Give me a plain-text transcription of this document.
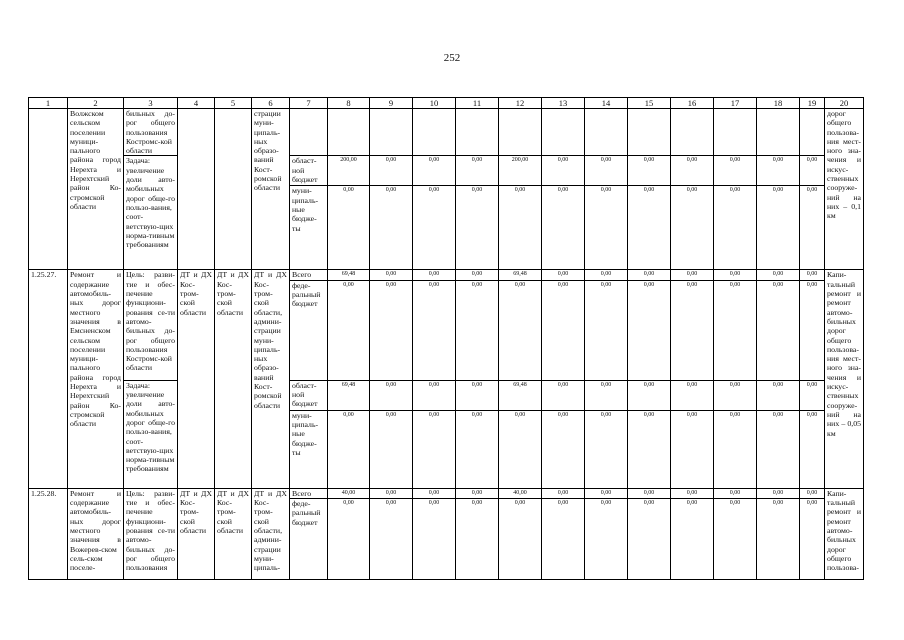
252
1	2	3	4	5	6	7	8	9	10	11	12	13	14	15	16	17	18	19	20
	Волжском сельском поселении муници-пального района город Нерехта и Нерехтский район Ко-стромской области	бильных до-рог общего пользования Костромс-кой области			страции муни-ципаль-ных образо-ваний Кост-ромской области														дорог общего пользова-ния мест-ного зна-чения и искус-ственных сооруже-ний на них – 0,1 км
		Задача: увеличение доли авто-мобильных дорог обще-го пользо-вания, соот-ветствую-щих норма-тивным требованиям				област-ной бюджет	200,00	0,00	0,00	0,00	200,00	0,00	0,00	0,00	0,00	0,00	0,00	0,00	
						муни-ципаль-ные бюдже-ты	0,00	0,00	0,00	0,00	0,00	0,00	0,00	0,00	0,00	0,00	0,00	0,00	
1.25.27.	Ремонт и содержание автомобиль-ных дорог местного значения в Емсненском сельском поселении муници-пального района город Нерехта и Нерехтский район Ко-стромской области	Цель: разви-тие и обес-печение функциони-рования се-ти автомо-бильных до-рог общего пользования Костромс-кой области	ДТ и ДХ Кос-тром-ской области	ДТ и ДХ Кос-тром-ской области	ДТ и ДХ Кос-тром-ской области, админи-страции муни-ципаль-ных образо-ваний Кост-ромской области	Всего	69,48	0,00	0,00	0,00	69,48	0,00	0,00	0,00	0,00	0,00	0,00	0,00	Капи-тальный ремонт и ремонт автомо-бильных дорог общего пользова-ния мест-ного зна-чения и искус-ственных сооруже-ний на них – 0,05 км
						феде-ральный бюджет	0,00	0,00	0,00	0,00	0,00	0,00	0,00	0,00	0,00	0,00	0,00	0,00	
		Задача: увеличение доли авто-мобильных дорог обще-го пользо-вания, соот-ветствую-щих норма-тивным требованиям				област-ной бюджет	69,48	0,00	0,00	0,00	69,48	0,00	0,00	0,00	0,00	0,00	0,00	0,00	
						муни-ципаль-ные бюдже-ты	0,00	0,00	0,00	0,00	0,00	0,00	0,00	0,00	0,00	0,00	0,00	0,00	
1.25.28.	Ремонт и содержание автомобиль-ных дорог местного значения в Вожерев-ском сель-ском поселе-	Цель: разви-тие и обес-печение функциони-рования се-ти автомо-бильных до-рог общего пользования	ДТ и ДХ Кос-тром-ской области	ДТ и ДХ Кос-тром-ской области	ДТ и ДХ Кос-тром-ской области, админи-страции муни-ципаль-	Всего	40,00	0,00	0,00	0,00	40,00	0,00	0,00	0,00	0,00	0,00	0,00	0,00	Капи-тальный ремонт и ремонт автомо-бильных дорог общего пользова-
						феде-ральный бюджет	0,00	0,00	0,00	0,00	0,00	0,00	0,00	0,00	0,00	0,00	0,00	0,00	
